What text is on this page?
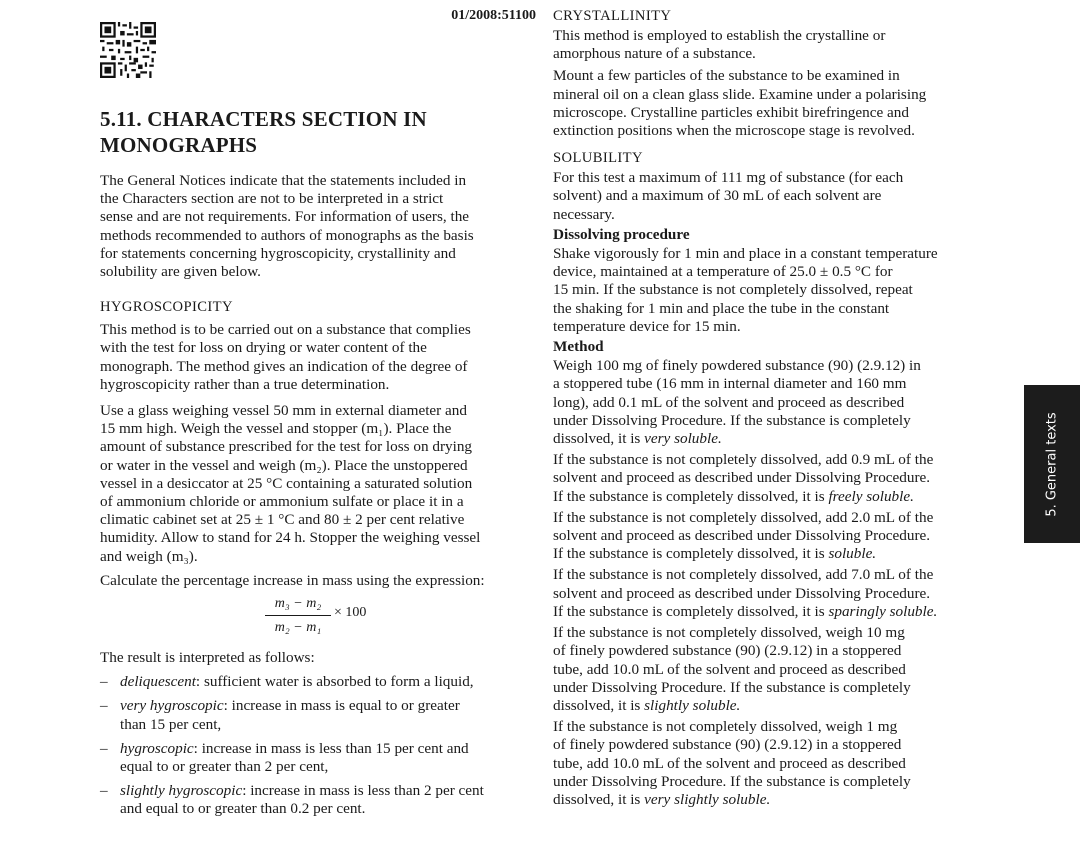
01/2008:51100
5.11. CHARACTERS SECTION IN
MONOGRAPHS
The General Notices indicate that the statements included in
the Characters section are not to be interpreted in a strict
sense and are not requirements. For information of users, the
methods recommended to authors of monographs as the basis
for statements concerning hygroscopicity, crystallinity and
solubility are given below.
HYGROSCOPICITY
This method is to be carried out on a substance that complies
with the test for loss on drying or water content of the
monograph. The method gives an indication of the degree of
hygroscopicity rather than a true determination.
Use a glass weighing vessel 50 mm in external diameter and
15 mm high. Weigh the vessel and stopper (m₁). Place the
amount of substance prescribed for the test for loss on drying
or water in the vessel and weigh (m₂). Place the unstoppered
vessel in a desiccator at 25 °C containing a saturated solution
of ammonium chloride or ammonium sulfate or place it in a
climatic cabinet set at 25 ± 1 °C and 80 ± 2 per cent relative
humidity. Allow to stand for 24 h. Stopper the weighing vessel
and weigh (m₃).
Calculate the percentage increase in mass using the expression:
m₃ − m₂
m₂ − m₁
× 100
The result is interpreted as follows:
– deliquescent: sufficient water is absorbed to form a liquid,
– very hygroscopic: increase in mass is equal to or greater
than 15 per cent,
– hygroscopic: increase in mass is less than 15 per cent and
equal to or greater than 2 per cent,
– slightly hygroscopic: increase in mass is less than 2 per cent
and equal to or greater than 0.2 per cent.
CRYSTALLINITY
This method is employed to establish the crystalline or
amorphous nature of a substance.
Mount a few particles of the substance to be examined in
mineral oil on a clean glass slide. Examine under a polarising
microscope. Crystalline particles exhibit birefringence and
extinction positions when the microscope stage is revolved.
SOLUBILITY
For this test a maximum of 111 mg of substance (for each
solvent) and a maximum of 30 mL of each solvent are
necessary.
Dissolving procedure
Shake vigorously for 1 min and place in a constant temperature
device, maintained at a temperature of 25.0 ± 0.5 °C for
15 min. If the substance is not completely dissolved, repeat
the shaking for 1 min and place the tube in the constant
temperature device for 15 min.
Method
Weigh 100 mg of finely powdered substance (90) (2.9.12) in
a stoppered tube (16 mm in internal diameter and 160 mm
long), add 0.1 mL of the solvent and proceed as described
under Dissolving Procedure. If the substance is completely
dissolved, it is very soluble.
If the substance is not completely dissolved, add 0.9 mL of the
solvent and proceed as described under Dissolving Procedure.
If the substance is completely dissolved, it is freely soluble.
If the substance is not completely dissolved, add 2.0 mL of the
solvent and proceed as described under Dissolving Procedure.
If the substance is completely dissolved, it is soluble.
If the substance is not completely dissolved, add 7.0 mL of the
solvent and proceed as described under Dissolving Procedure.
If the substance is completely dissolved, it is sparingly soluble.
If the substance is not completely dissolved, weigh 10 mg
of finely powdered substance (90) (2.9.12) in a stoppered
tube, add 10.0 mL of the solvent and proceed as described
under Dissolving Procedure. If the substance is completely
dissolved, it is slightly soluble.
If the substance is not completely dissolved, weigh 1 mg
of finely powdered substance (90) (2.9.12) in a stoppered
tube, add 10.0 mL of the solvent and proceed as described
under Dissolving Procedure. If the substance is completely
dissolved, it is very slightly soluble.
5. General texts
